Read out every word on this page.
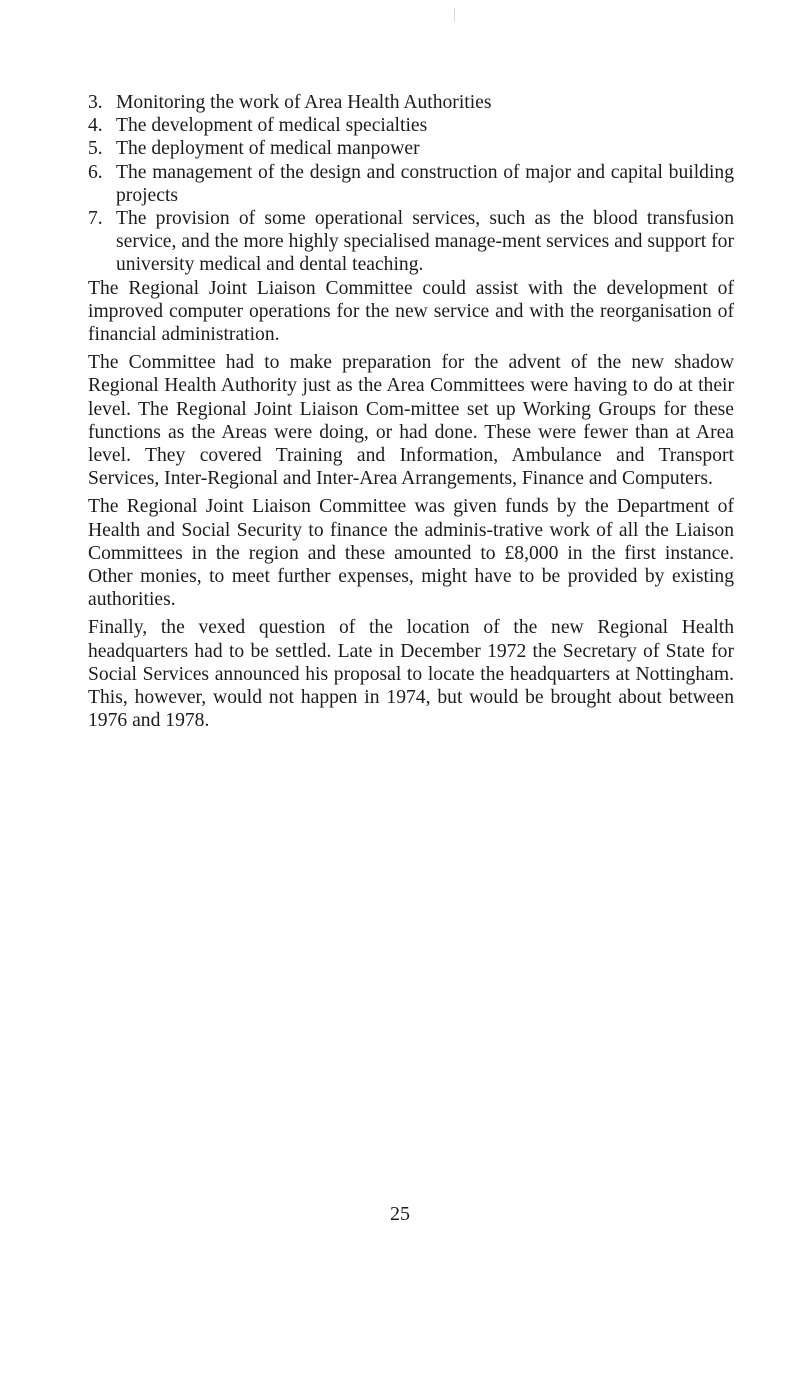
3. Monitoring the work of Area Health Authorities
4. The development of medical specialties
5. The deployment of medical manpower
6. The management of the design and construction of major and capital building projects
7. The provision of some operational services, such as the blood transfusion service, and the more highly specialised manage-ment services and support for university medical and dental teaching.

The Regional Joint Liaison Committee could assist with the development of improved computer operations for the new service and with the reorganisation of financial administration.

The Committee had to make preparation for the advent of the new shadow Regional Health Authority just as the Area Committees were having to do at their level. The Regional Joint Liaison Com-mittee set up Working Groups for these functions as the Areas were doing, or had done. These were fewer than at Area level. They covered Training and Information, Ambulance and Transport Services, Inter-Regional and Inter-Area Arrangements, Finance and Computers.

The Regional Joint Liaison Committee was given funds by the Department of Health and Social Security to finance the adminis-trative work of all the Liaison Committees in the region and these amounted to £8,000 in the first instance. Other monies, to meet further expenses, might have to be provided by existing authorities.

Finally, the vexed question of the location of the new Regional Health headquarters had to be settled. Late in December 1972 the Secretary of State for Social Services announced his proposal to locate the headquarters at Nottingham. This, however, would not happen in 1974, but would be brought about between 1976 and 1978.

25
